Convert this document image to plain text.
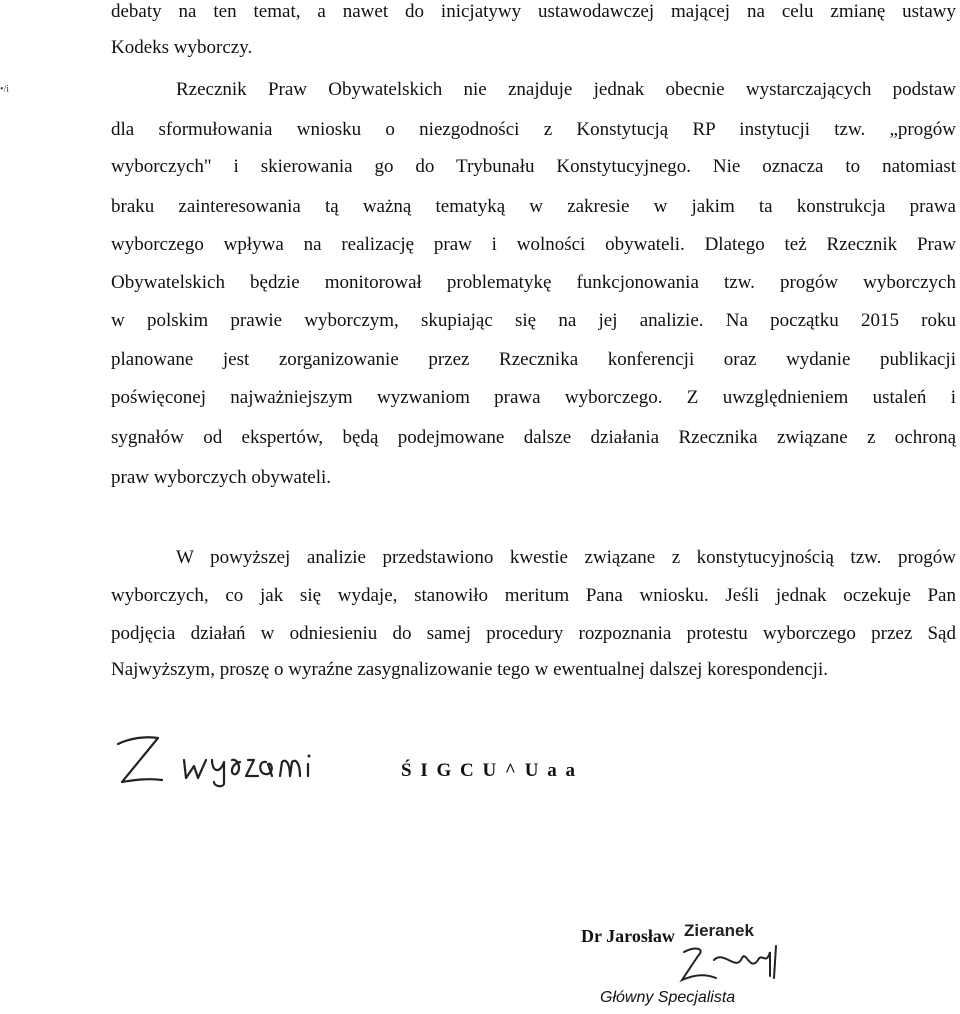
•/i
debaty na ten temat, a nawet do inicjatywy ustawodawczej mającej na celu zmianę ustawy
Kodeks wyborczy.
Rzecznik Praw Obywatelskich nie znajduje jednak obecnie wystarczających podstaw
dla sformułowania wniosku o niezgodności z Konstytucją RP instytucji tzw. „progów
wyborczych" i skierowania go do Trybunału Konstytucyjnego. Nie oznacza to natomiast
braku zainteresowania tą ważną tematyką w zakresie w jakim ta konstrukcja prawa
wyborczego wpływa na realizację praw i wolności obywateli. Dlatego też Rzecznik Praw
Obywatelskich będzie monitorował problematykę funkcjonowania tzw. progów wyborczych
w polskim prawie wyborczym, skupiając się na jej analizie. Na początku 2015 roku
planowane jest zorganizowanie przez Rzecznika konferencji oraz wydanie publikacji
poświęconej najważniejszym wyzwaniom prawa wyborczego. Z uwzględnieniem ustaleń i
sygnałów od ekspertów, będą podejmowane dalsze działania Rzecznika związane z ochroną
praw wyborczych obywateli.
W powyższej analizie przedstawiono kwestie związane z konstytucyjnością tzw. progów
wyborczych, co jak się wydaje, stanowiło meritum Pana wniosku. Jeśli jednak oczekuje Pan
podjęcia działań w odniesieniu do samej procedury rozpoznania protestu wyborczego przez Sąd
Najwyższym, proszę o wyraźne zasygnalizowanie tego w ewentualnej dalszej korespondencji.
Ś I G C U ^ U a a
Dr Jarosław Zieranek
Główny Specjalista
